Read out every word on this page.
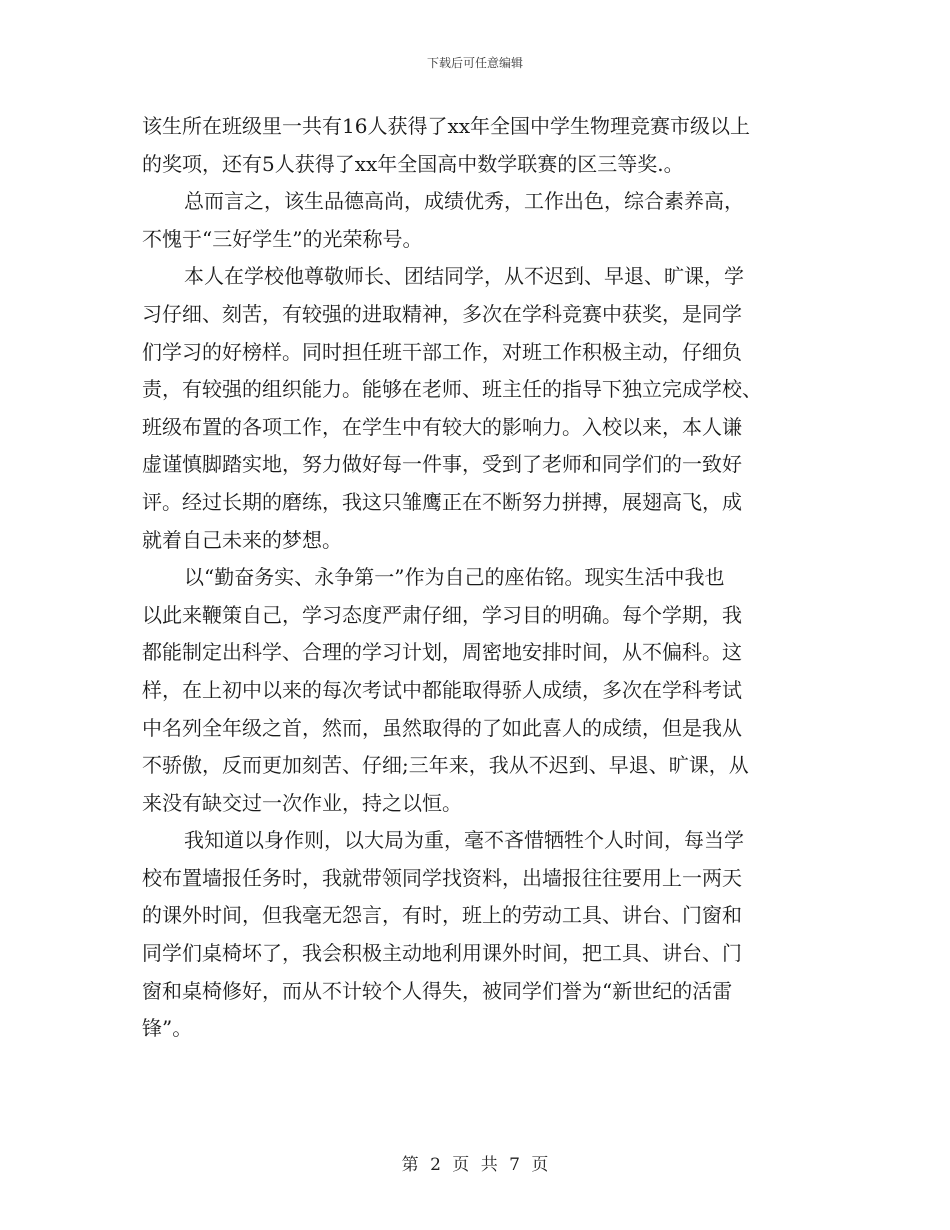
下载后可任意编辑
该生所在班级里一共有16人获得了xx年全国中学生物理竞赛市级以上
的奖项，还有5人获得了xx年全国高中数学联赛的区三等奖.。
总而言之，该生品德高尚，成绩优秀，工作出色，综合素养高，
不愧于“三好学生”的光荣称号。
本人在学校他尊敬师长、团结同学，从不迟到、早退、旷课，学
习仔细、刻苦，有较强的进取精神，多次在学科竞赛中获奖，是同学
们学习的好榜样。同时担任班干部工作，对班工作积极主动，仔细负
责，有较强的组织能力。能够在老师、班主任的指导下独立完成学校、
班级布置的各项工作，在学生中有较大的影响力。入校以来，本人谦
虚谨慎脚踏实地，努力做好每一件事，受到了老师和同学们的一致好
评。经过长期的磨练，我这只雏鹰正在不断努力拼搏，展翅高飞，成
就着自己未来的梦想。
以“勤奋务实、永争第一”作为自己的座佑铭。现实生活中我也
以此来鞭策自己，学习态度严肃仔细，学习目的明确。每个学期，我
都能制定出科学、合理的学习计划，周密地安排时间，从不偏科。这
样，在上初中以来的每次考试中都能取得骄人成绩，多次在学科考试
中名列全年级之首，然而，虽然取得的了如此喜人的成绩，但是我从
不骄傲，反而更加刻苦、仔细;三年来，我从不迟到、早退、旷课，从
来没有缺交过一次作业，持之以恒。
我知道以身作则，以大局为重，毫不吝惜牺牲个人时间，每当学
校布置墙报任务时，我就带领同学找资料，出墙报往往要用上一两天
的课外时间，但我毫无怨言，有时，班上的劳动工具、讲台、门窗和
同学们桌椅坏了，我会积极主动地利用课外时间，把工具、讲台、门
窗和桌椅修好，而从不计较个人得失，被同学们誉为“新世纪的活雷
锋”。
第 2 页 共 7 页
